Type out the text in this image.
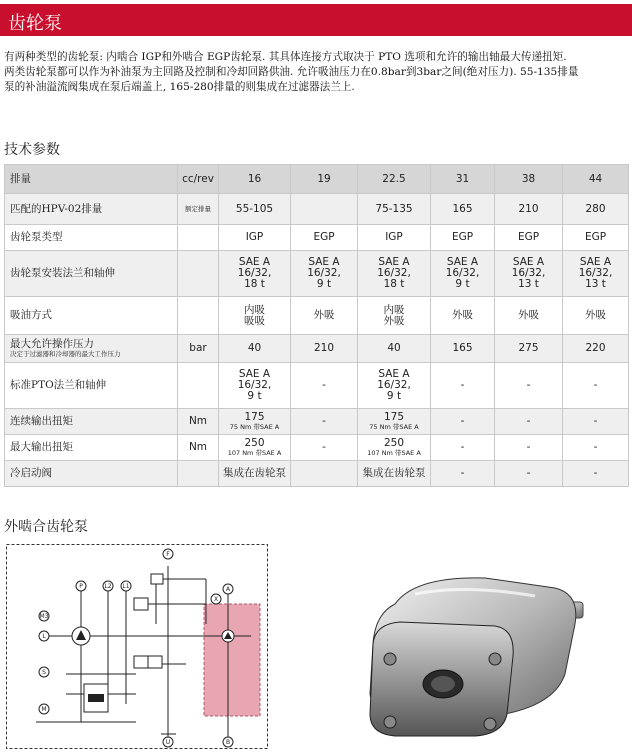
齿轮泵
有两种类型的齿轮泵: 内啮合 IGP和外啮合 EGP齿轮泵. 其具体连接方式取决于 PTO 选项和允许的输出轴最大传递扭矩.
两类齿轮泵都可以作为补油泵为主回路及控制和冷却回路供油. 允许吸油压力在0.8bar到3bar之间(绝对压力). 55-135排量
泵的补油溢流阀集成在泵后端盖上, 165-280排量的则集成在过滤器法兰上.
技术参数
排量	cc/rev	16	19	22.5	31	38	44
匹配的HPV-02排量	额定排量	55-105		75-135	165	210	280
齿轮泵类型		IGP	EGP	IGP	EGP	EGP	EGP
齿轮泵安装法兰和轴伸		SAE A
16/32,
18 t	SAE A
16/32,
9 t	SAE A
16/32,
18 t	SAE A
16/32,
9 t	SAE A
16/32,
13 t	SAE A
16/32,
13 t
吸油方式		内吸
吸吸	外吸	内吸
外吸	外吸	外吸	外吸
最大允许操作压力
决定于过滤器和冷却器的最大工作压力	bar	40	210	40	165	275	220
标准PTO法兰和轴伸		SAE A
16/32,
9 t	-	SAE A
16/32,
9 t	-	-	-
连续输出扭矩	Nm	175
75 Nm 带SAE A	-	175
75 Nm 带SAE A	-	-	-
最大输出扭矩	Nm	250
107 Nm 带SAE A	-	250
107 Nm 带SAE A	-	-	-
冷启动阀		集成在齿轮泵		集成在齿轮泵	-	-	-
外啮合齿轮泵
F
P	L2 L1
X
A
M3
L
S
M
B
U
